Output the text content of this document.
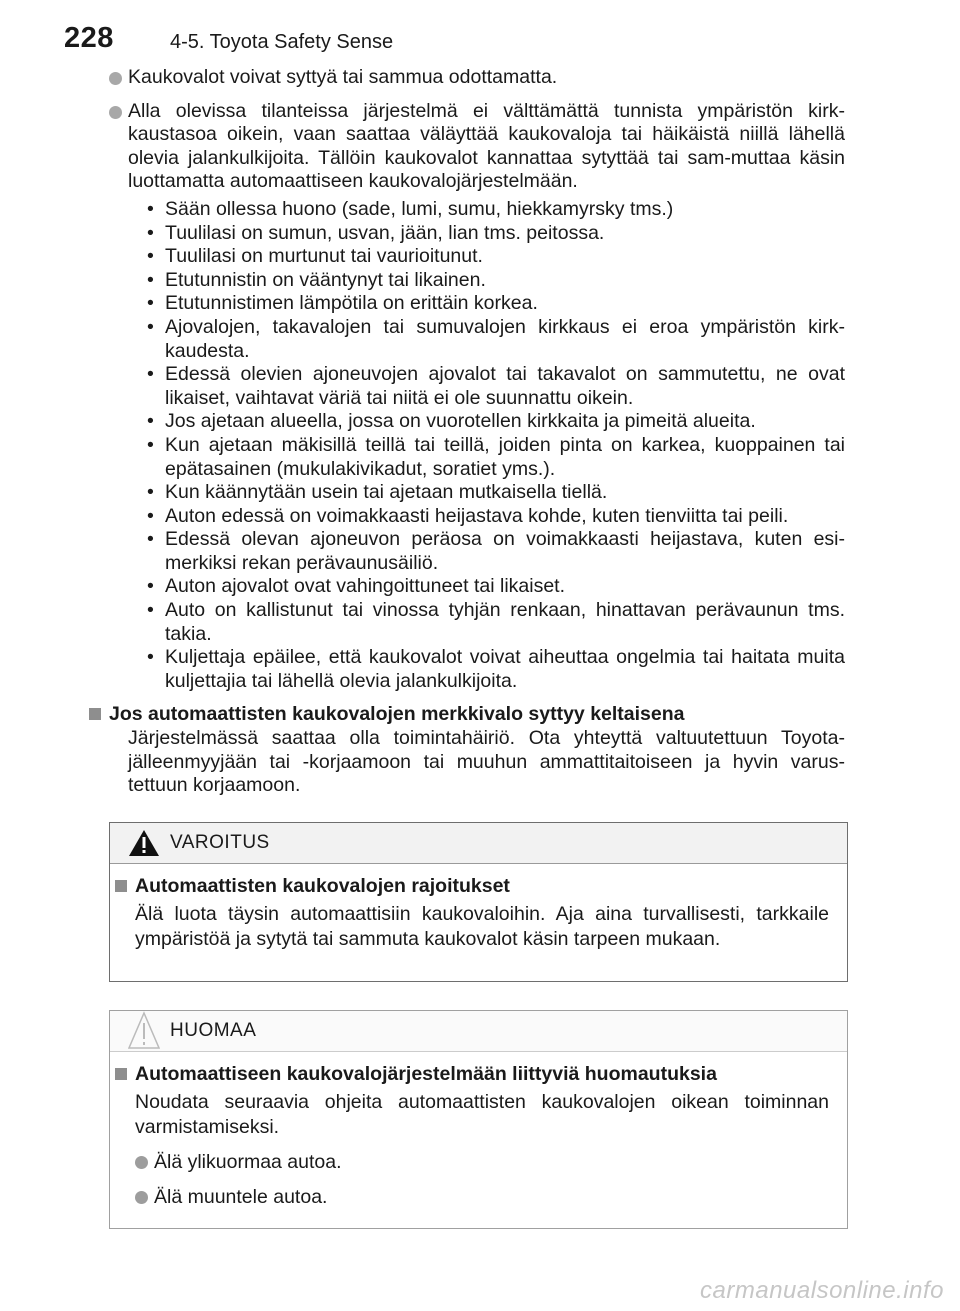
228	4-5. Toyota Safety Sense
Kaukovalot voivat syttyä tai sammua odottamatta.
Alla olevissa tilanteissa järjestelmä ei välttämättä tunnista ympäristön kirk-kaustasoa oikein, vaan saattaa väläyttää kaukovaloja tai häikäistä niillä lähellä olevia jalankulkijoita. Tällöin kaukovalot kannattaa sytyttää tai sam-muttaa käsin luottamatta automaattiseen kaukovalojärjestelmään.
• Sään ollessa huono (sade, lumi, sumu, hiekkamyrsky tms.)
• Tuulilasi on sumun, usvan, jään, lian tms. peitossa.
• Tuulilasi on murtunut tai vaurioitunut.
• Etutunnistin on vääntynyt tai likainen.
• Etutunnistimen lämpötila on erittäin korkea.
• Ajovalojen, takavalojen tai sumuvalojen kirkkaus ei eroa ympäristön kirk-kaudesta.
• Edessä olevien ajoneuvojen ajovalot tai takavalot on sammutettu, ne ovat likaiset, vaihtavat väriä tai niitä ei ole suunnattu oikein.
• Jos ajetaan alueella, jossa on vuorotellen kirkkaita ja pimeitä alueita.
• Kun ajetaan mäkisillä teillä tai teillä, joiden pinta on karkea, kuoppainen tai epätasainen (mukulakivikadut, soratiet yms.).
• Kun käännytään usein tai ajetaan mutkaisella tiellä.
• Auton edessä on voimakkaasti heijastava kohde, kuten tienviitta tai peili.
• Edessä olevan ajoneuvon peräosa on voimakkaasti heijastava, kuten esi-merkiksi rekan perävaunusäiliö.
• Auton ajovalot ovat vahingoittuneet tai likaiset.
• Auto on kallistunut tai vinossa tyhjän renkaan, hinattavan perävaunun tms. takia.
• Kuljettaja epäilee, että kaukovalot voivat aiheuttaa ongelmia tai haitata muita kuljettajia tai lähellä olevia jalankulkijoita.
Jos automaattisten kaukovalojen merkkivalo syttyy keltaisena
Järjestelmässä saattaa olla toimintahäiriö. Ota yhteyttä valtuutettuun Toyota-jälleenmyyjään tai -korjaamoon tai muuhun ammattitaitoiseen ja hyvin varus-tettuun korjaamoon.
VAROITUS
Automaattisten kaukovalojen rajoitukset
Älä luota täysin automaattisiin kaukovaloihin. Aja aina turvallisesti, tarkkaile ympäristöä ja sytytä tai sammuta kaukovalot käsin tarpeen mukaan.
HUOMAA
Automaattiseen kaukovalojärjestelmään liittyviä huomautuksia
Noudata seuraavia ohjeita automaattisten kaukovalojen oikean toiminnan varmistamiseksi.
Älä ylikuormaa autoa.
Älä muuntele autoa.
carmanualsonline.info
